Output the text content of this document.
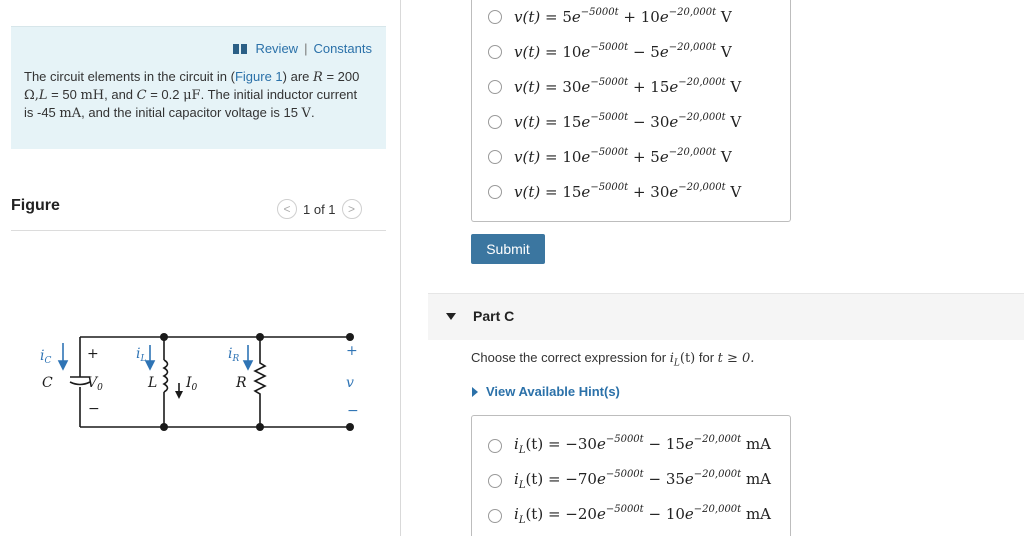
Review | Constants
The circuit elements in the circuit in (Figure 1) are R = 200 Ω,L = 50 mH, and C = 0.2 μF. The initial inductor current is -45 mA, and the initial capacitor voltage is 15 V.
Figure	< 1 of 1	>
$i_C$
C
+
$V_0$
−
$i_L$
L $I_0$
$i_R$
R
+
v
−
$v(t) = 5e^{-5000t} + 10e^{-20,000t}$ V
$v(t) = 10e^{-5000t} - 5e^{-20,000t}$ V
$v(t) = 30e^{-5000t} + 15e^{-20,000t}$ V
$v(t) = 15e^{-5000t} - 30e^{-20,000t}$ V
$v(t) = 10e^{-5000t} + 5e^{-20,000t}$ V
$v(t) = 15e^{-5000t} + 30e^{-20,000t}$ V
Submit
Part C
Choose the correct expression for $i_L(t)$ for t ≥ 0.
View Available Hint(s)
$i_L(t) = -30e^{-5000t} - 15e^{-20,000t}$ mA
$i_L(t) = -70e^{-5000t} - 35e^{-20,000t}$ mA
$i_L(t) = -20e^{-5000t} - 10e^{-20,000t}$ mA
